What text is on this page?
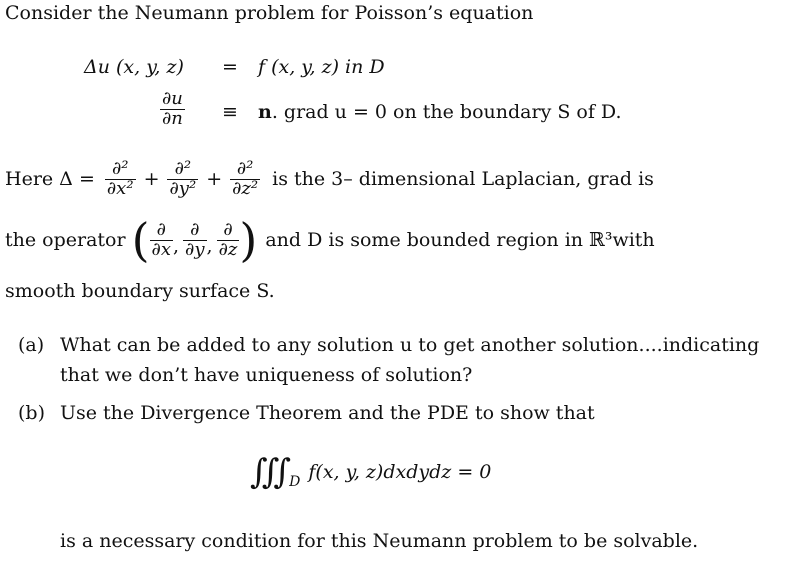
Consider the Neumann problem for Poisson’s equation
Δu (x, y, z) = f (x, y, z) in D
$\frac{\partial u}{\partial n} \equiv n$. grad u = 0 on the boundary S of D.
Here $\Delta = \frac{\text{∂²}}{\text{∂x²}} + \frac{\text{∂²}}{\text{∂y²}} + \frac{\text{∂²}}{\text{∂z²}}$ is the 3– dimensional Laplacian, grad is
the operator ( $\frac{\partial}{\partial x}$ , $\frac{\partial}{\partial y}$ , $\frac{\partial}{\partial z}$ ) and D is some bounded region in ℝ³with
smooth boundary surface S.
(a) What can be added to any solution u to get another solution....indicating
that we don’t have uniqueness of solution?
(b) Use the Divergence Theorem and the PDE to show that
∫∫∫ D f(x, y, z)dxdydz = 0
is a necessary condition for this Neumann problem to be solvable.
